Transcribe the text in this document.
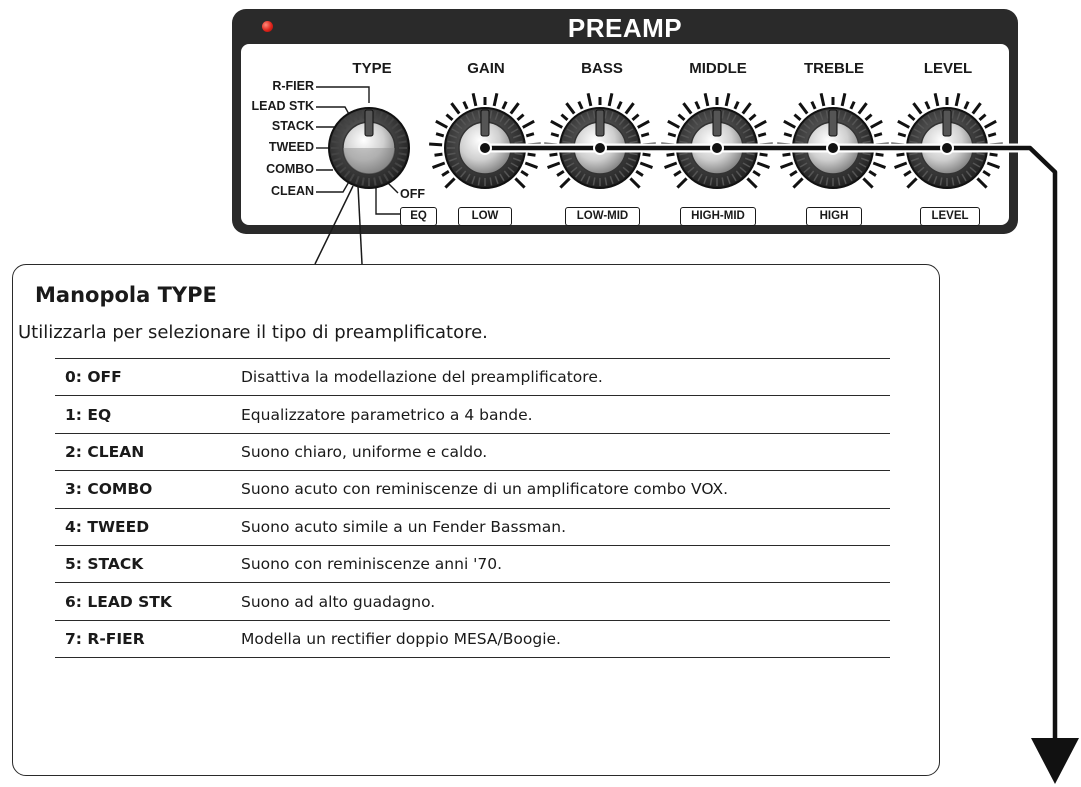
PREAMP
TYPE	GAIN	BASS	MIDDLE	TREBLE	LEVEL
R-FIER
LEAD STK
STACK
TWEED
COMBO
CLEAN	OFF
EQ	LOW	LOW-MID	HIGH-MID	HIGH	LEVEL
Manopola TYPE
Utilizzarla per selezionare il tipo di preamplificatore.
0: OFF	Disattiva la modellazione del preamplificatore.
1: EQ	Equalizzatore parametrico a 4 bande.
2: CLEAN	Suono chiaro, uniforme e caldo.
3: COMBO	Suono acuto con reminiscenze di un amplificatore combo VOX.
4: TWEED	Suono acuto simile a un Fender Bassman.
5: STACK	Suono con reminiscenze anni '70.
6: LEAD STK	Suono ad alto guadagno.
7: R-FIER	Modella un rectifier doppio MESA/Boogie.
